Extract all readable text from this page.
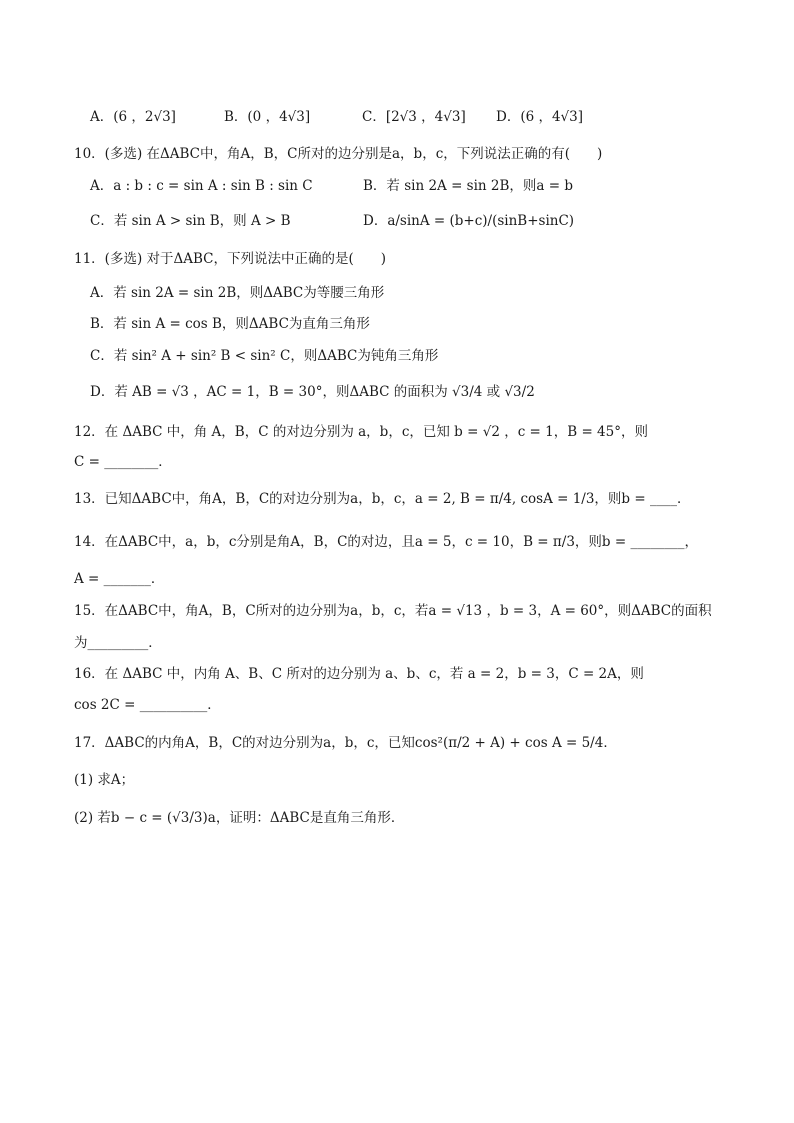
A．(6 ，2√3]	B．(0 ，4√3]	C．[2√3 ，4√3] D．(6 ，4√3]
10．(多选) 在ΔABC中，角A，B，C所对的边分别是a，b，c，下列说法正确的有(　　)
A．a : b : c = sin A : sin B : sin C	B．若 sin 2A = sin 2B，则a = b
C．若 sin A > sin B，则 A > B	D．a/sinA = (b+c)/(sinB+sinC)
11．(多选) 对于ΔABC，下列说法中正确的是(　　)
A．若 sin 2A = sin 2B，则ΔABC为等腰三角形
B．若 sin A = cos B，则ΔABC为直角三角形
C．若 sin² A + sin² B < sin² C，则ΔABC为钝角三角形
D．若 AB = √3 ，AC = 1，B = 30°，则ΔABC 的面积为 √3/4 或 √3/2
12．在 ΔABC 中，角 A，B，C 的对边分别为 a，b，c，已知 b = √2 ，c = 1，B = 45°，则
C = ________．
13．已知ΔABC中，角A，B，C的对边分别为a，b，c，a = 2, B = π/4, cosA = 1/3，则b = ____．
14．在ΔABC中，a，b，c分别是角A，B，C的对边，且a = 5，c = 10，B = π/3，则b = ________，
A = _______．
15．在ΔABC中，角A，B，C所对的边分别为a，b，c，若a = √13 ，b = 3，A = 60°，则ΔABC的面积
为_________．
16．在 ΔABC 中，内角 A、B、C 所对的边分别为 a、b、c，若 a = 2，b = 3，C = 2A，则
cos 2C = __________．
17．ΔABC的内角A，B，C的对边分别为a，b，c，已知cos²(π/2 + A) + cos A = 5/4．
(1) 求A；
(2) 若b − c = (√3/3)a，证明：ΔABC是直角三角形．
